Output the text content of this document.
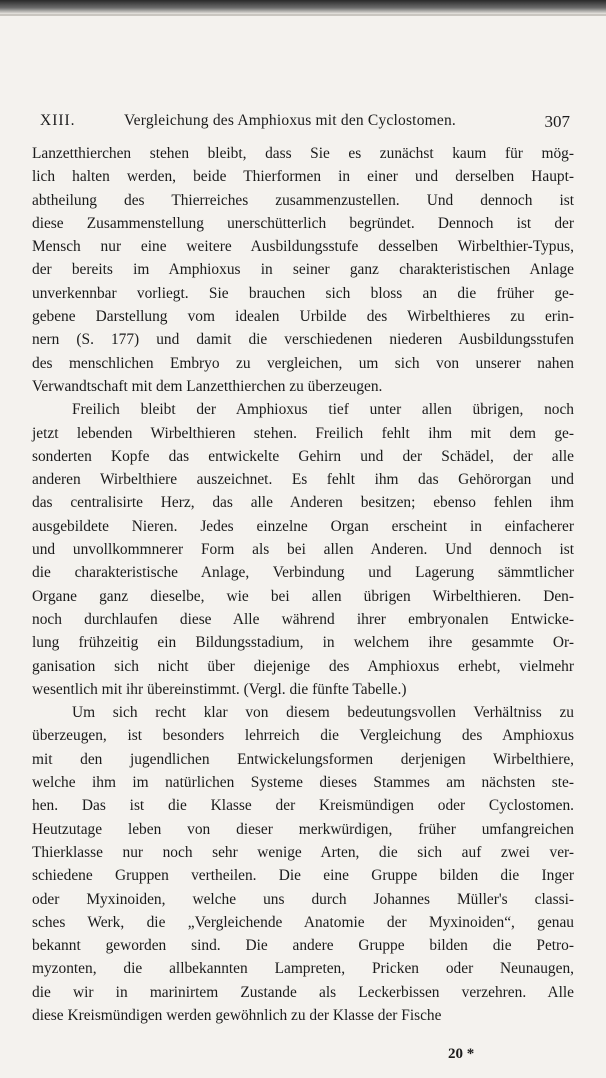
XIII.	Vergleichung des Amphioxus mit den Cyclostomen.	307
Lanzetthierchen stehen bleibt, dass Sie es zunächst kaum für mög-
lich halten werden, beide Thierformen in einer und derselben Haupt-
abtheilung des Thierreiches zusammenzustellen. Und dennoch ist
diese Zusammenstellung unerschütterlich begründet. Dennoch ist der
Mensch nur eine weitere Ausbildungsstufe desselben Wirbelthier-Typus,
der bereits im Amphioxus in seiner ganz charakteristischen Anlage
unverkennbar vorliegt. Sie brauchen sich bloss an die früher ge-
gebene Darstellung vom idealen Urbilde des Wirbelthieres zu erin-
nern (S. 177) und damit die verschiedenen niederen Ausbildungsstufen
des menschlichen Embryo zu vergleichen, um sich von unserer nahen
Verwandtschaft mit dem Lanzetthierchen zu überzeugen.
Freilich bleibt der Amphioxus tief unter allen übrigen, noch
jetzt lebenden Wirbelthieren stehen. Freilich fehlt ihm mit dem ge-
sonderten Kopfe das entwickelte Gehirn und der Schädel, der alle
anderen Wirbelthiere auszeichnet. Es fehlt ihm das Gehörorgan und
das centralisirte Herz, das alle Anderen besitzen; ebenso fehlen ihm
ausgebildete Nieren. Jedes einzelne Organ erscheint in einfacherer
und unvollkommnerer Form als bei allen Anderen. Und dennoch ist
die charakteristische Anlage, Verbindung und Lagerung sämmtlicher
Organe ganz dieselbe, wie bei allen übrigen Wirbelthieren. Den-
noch durchlaufen diese Alle während ihrer embryonalen Entwicke-
lung frühzeitig ein Bildungsstadium, in welchem ihre gesammte Or-
ganisation sich nicht über diejenige des Amphioxus erhebt, vielmehr
wesentlich mit ihr übereinstimmt. (Vergl. die fünfte Tabelle.)
Um sich recht klar von diesem bedeutungsvollen Verhältniss zu
überzeugen, ist besonders lehrreich die Vergleichung des Amphioxus
mit den jugendlichen Entwickelungsformen derjenigen Wirbelthiere,
welche ihm im natürlichen Systeme dieses Stammes am nächsten ste-
hen. Das ist die Klasse der Kreismündigen oder Cyclostomen.
Heutzutage leben von dieser merkwürdigen, früher umfangreichen
Thierklasse nur noch sehr wenige Arten, die sich auf zwei ver-
schiedene Gruppen vertheilen. Die eine Gruppe bilden die Inger
oder Myxinoiden, welche uns durch Johannes Müller's classi-
sches Werk, die „Vergleichende Anatomie der Myxinoiden“, genau
bekannt geworden sind. Die andere Gruppe bilden die Petro-
myzonten, die allbekannten Lampreten, Pricken oder Neunaugen,
die wir in marinirtem Zustande als Leckerbissen verzehren. Alle
diese Kreismündigen werden gewöhnlich zu der Klasse der Fische
20 *
